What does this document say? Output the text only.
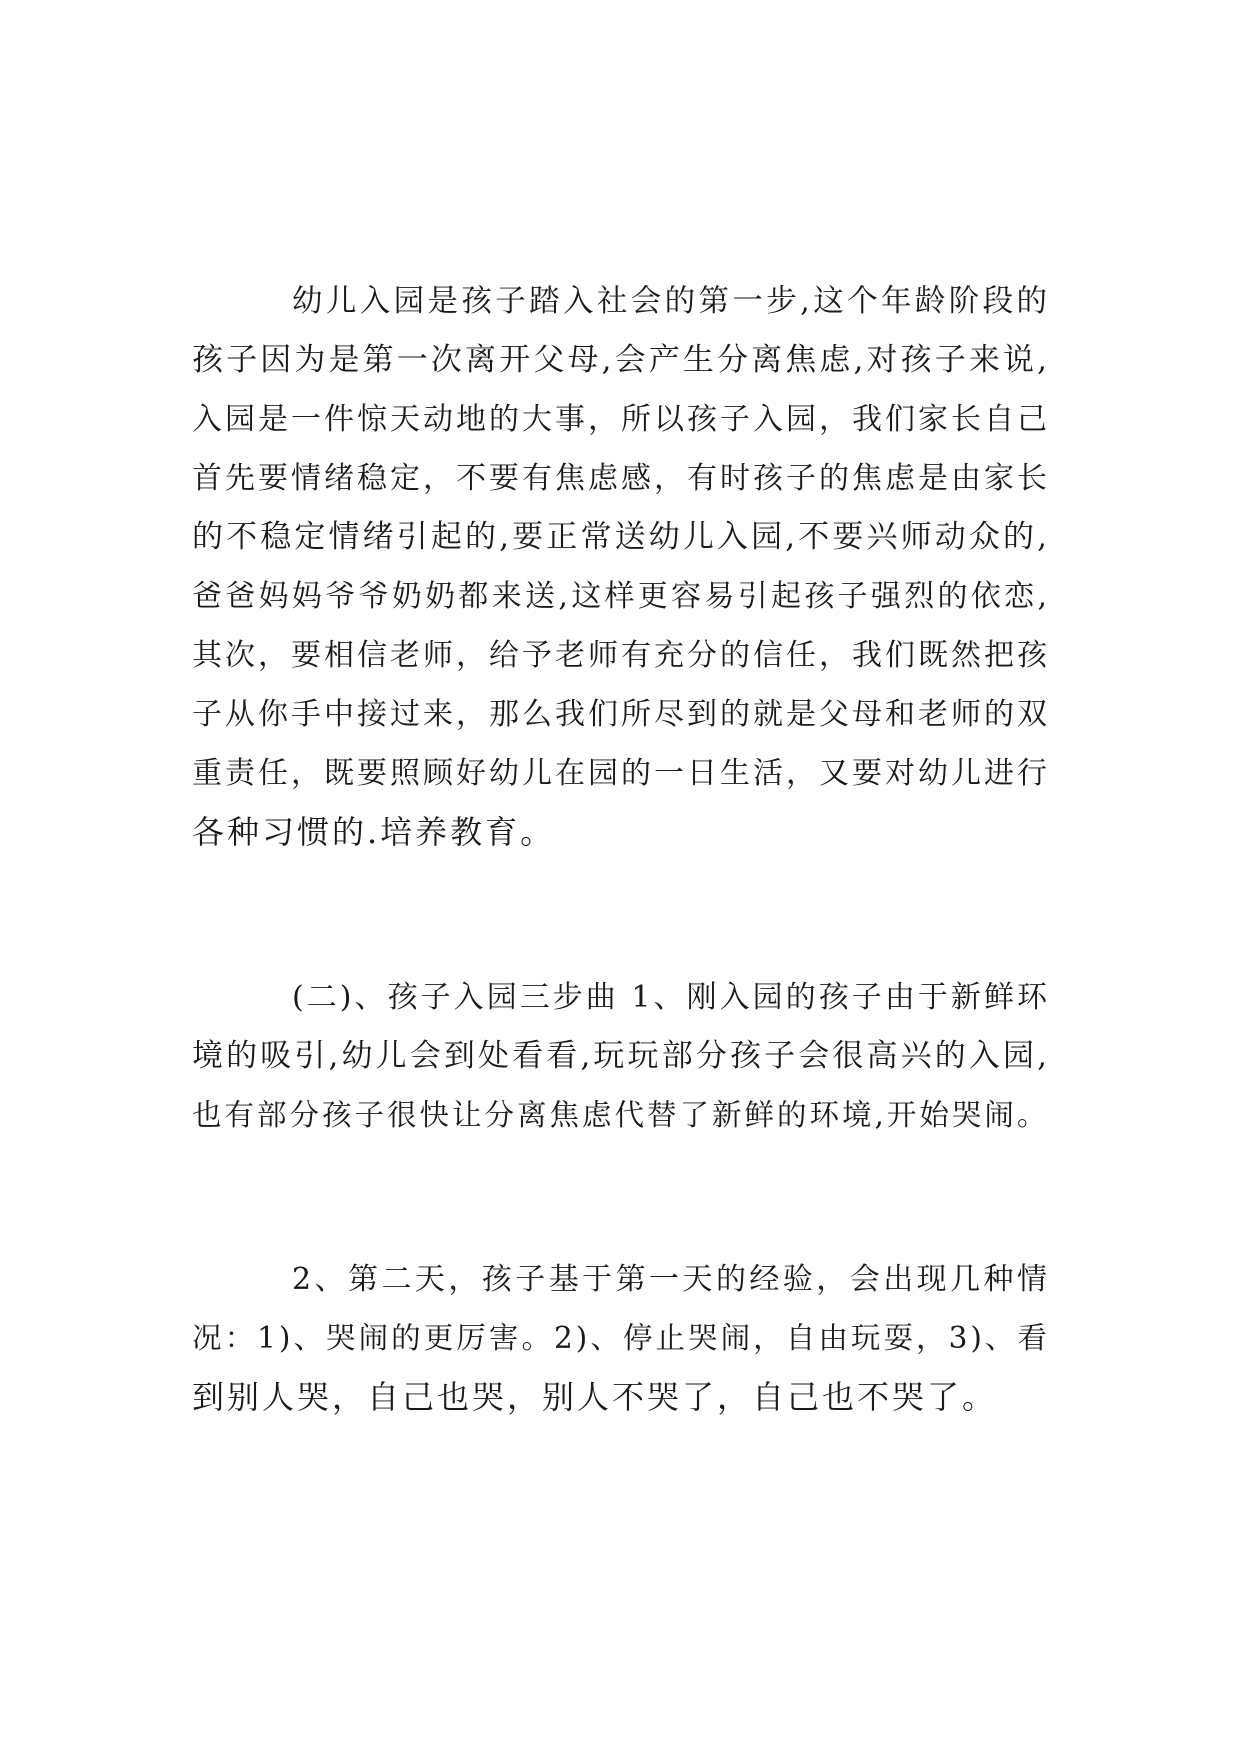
幼儿入园是孩子踏入社会的第一步,这个年龄阶段的
孩子因为是第一次离开父母,会产生分离焦虑,对孩子来说,
入园是一件惊天动地的大事，所以孩子入园，我们家长自己
首先要情绪稳定，不要有焦虑感，有时孩子的焦虑是由家长
的不稳定情绪引起的,要正常送幼儿入园,不要兴师动众的,
爸爸妈妈爷爷奶奶都来送,这样更容易引起孩子强烈的依恋,
其次，要相信老师，给予老师有充分的信任，我们既然把孩
子从你手中接过来，那么我们所尽到的就是父母和老师的双
重责任，既要照顾好幼儿在园的一日生活，又要对幼儿进行
各种习惯的.培养教育。

(二)、孩子入园三步曲 1、刚入园的孩子由于新鲜环
境的吸引,幼儿会到处看看,玩玩部分孩子会很高兴的入园,
也有部分孩子很快让分离焦虑代替了新鲜的环境,开始哭闹。

2、第二天，孩子基于第一天的经验，会出现几种情
况：1)、哭闹的更厉害。2)、停止哭闹，自由玩耍，3)、看
到别人哭，自己也哭，别人不哭了，自己也不哭了。
